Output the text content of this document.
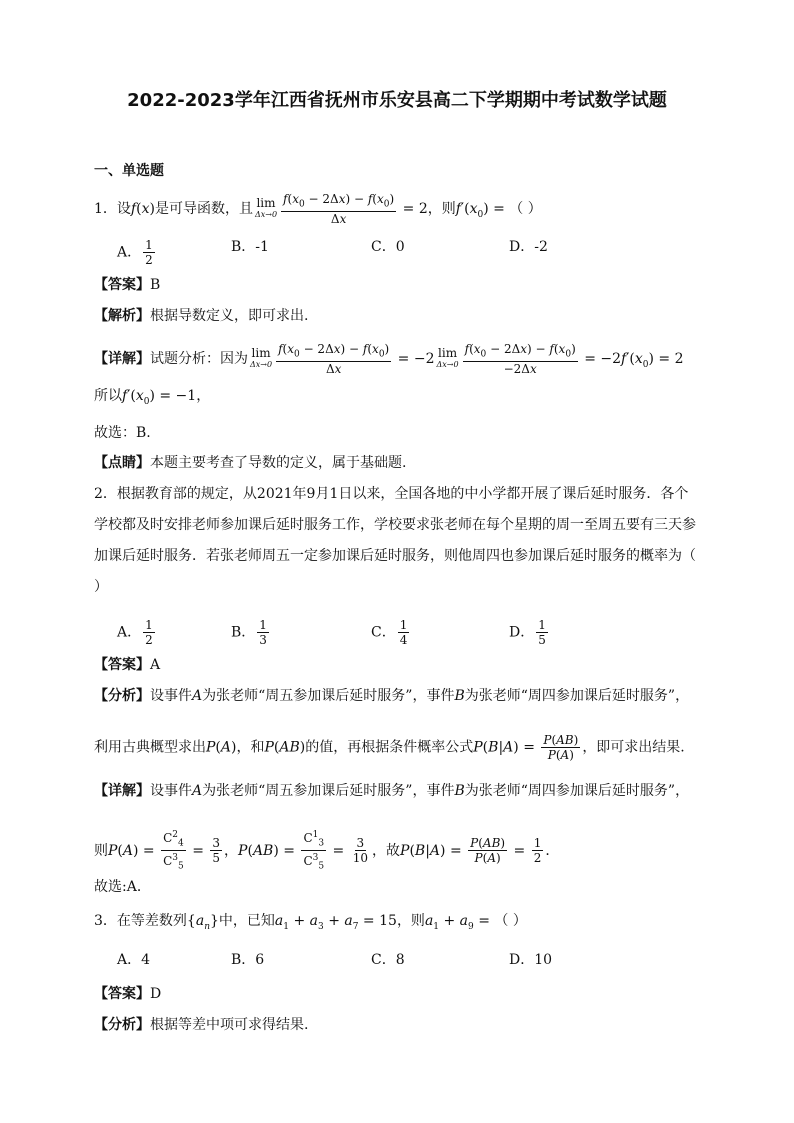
2022-2023学年江西省抚州市乐安县高二下学期期中考试数学试题
一、单选题
1．设f(x)是可导函数，且 lim
$\Delta x\to 0 \frac{f(x_0 - 2\Delta x) - f(x_0)}{\Delta x} = 2$，则$f'(x_0)$ = （ ）
A． $\frac{1}{2}$	B．-1	C．0	D．-2
【答案】B
【解析】根据导数定义，即可求出.
【详解】试题分析：因为 lim
$\Delta x\to 0 \frac{f(x_0 - 2\Delta x) - f(x_0)}{\Delta x} = -2$ lim
$\Delta x\to 0 \frac{f(x_0 - 2\Delta x) - f(x_0)}{-2\Delta x} = -2f'(x_0) = 2$
所以$f'(x_0) = -1$，
故选：B.
【点睛】本题主要考查了导数的定义，属于基础题.
2．根据教育部的规定，从2021年9月1日以来，全国各地的中小学都开展了课后延时服务．各个
学校都及时安排老师参加课后延时服务工作，学校要求张老师在每个星期的周一至周五要有三天参
加课后延时服务．若张老师周五一定参加课后延时服务，则他周四也参加课后延时服务的概率为（
）
A． $\frac{1}{2}$	B． $\frac{1}{3}$	C． $\frac{1}{4}$	D． $\frac{1}{5}$
【答案】A
【分析】设事件A为张老师“周五参加课后延时服务”，事件B为张老师“周四参加课后延时服务”，
利用古典概型求出P(A)，和P(AB)的值，再根据条件概率公式$P(B|A) = \frac{P(AB)}{P(A)}$ ，即可求出结果.
【详解】设事件A为张老师“周五参加课后延时服务”，事件B为张老师“周四参加课后延时服务”，
则$P(A) = \frac{C^2_4}{C^3_5} = \frac{3}{5}$ ，$P(AB) = \frac{C^1_3}{C^3_5} = \frac{3}{10}$ ，故$P(B|A) = \frac{P(AB)}{P(A)} = \frac{1}{2}$ ．
故选:A．
3．在等差数列$\{a_n\}$中，已知$a_1 + a_3 + a_7 = 15$，则$a_1 + a_9$ = （ ）
A．4	B．6	C．8	D．10
【答案】D
【分析】根据等差中项可求得结果.
